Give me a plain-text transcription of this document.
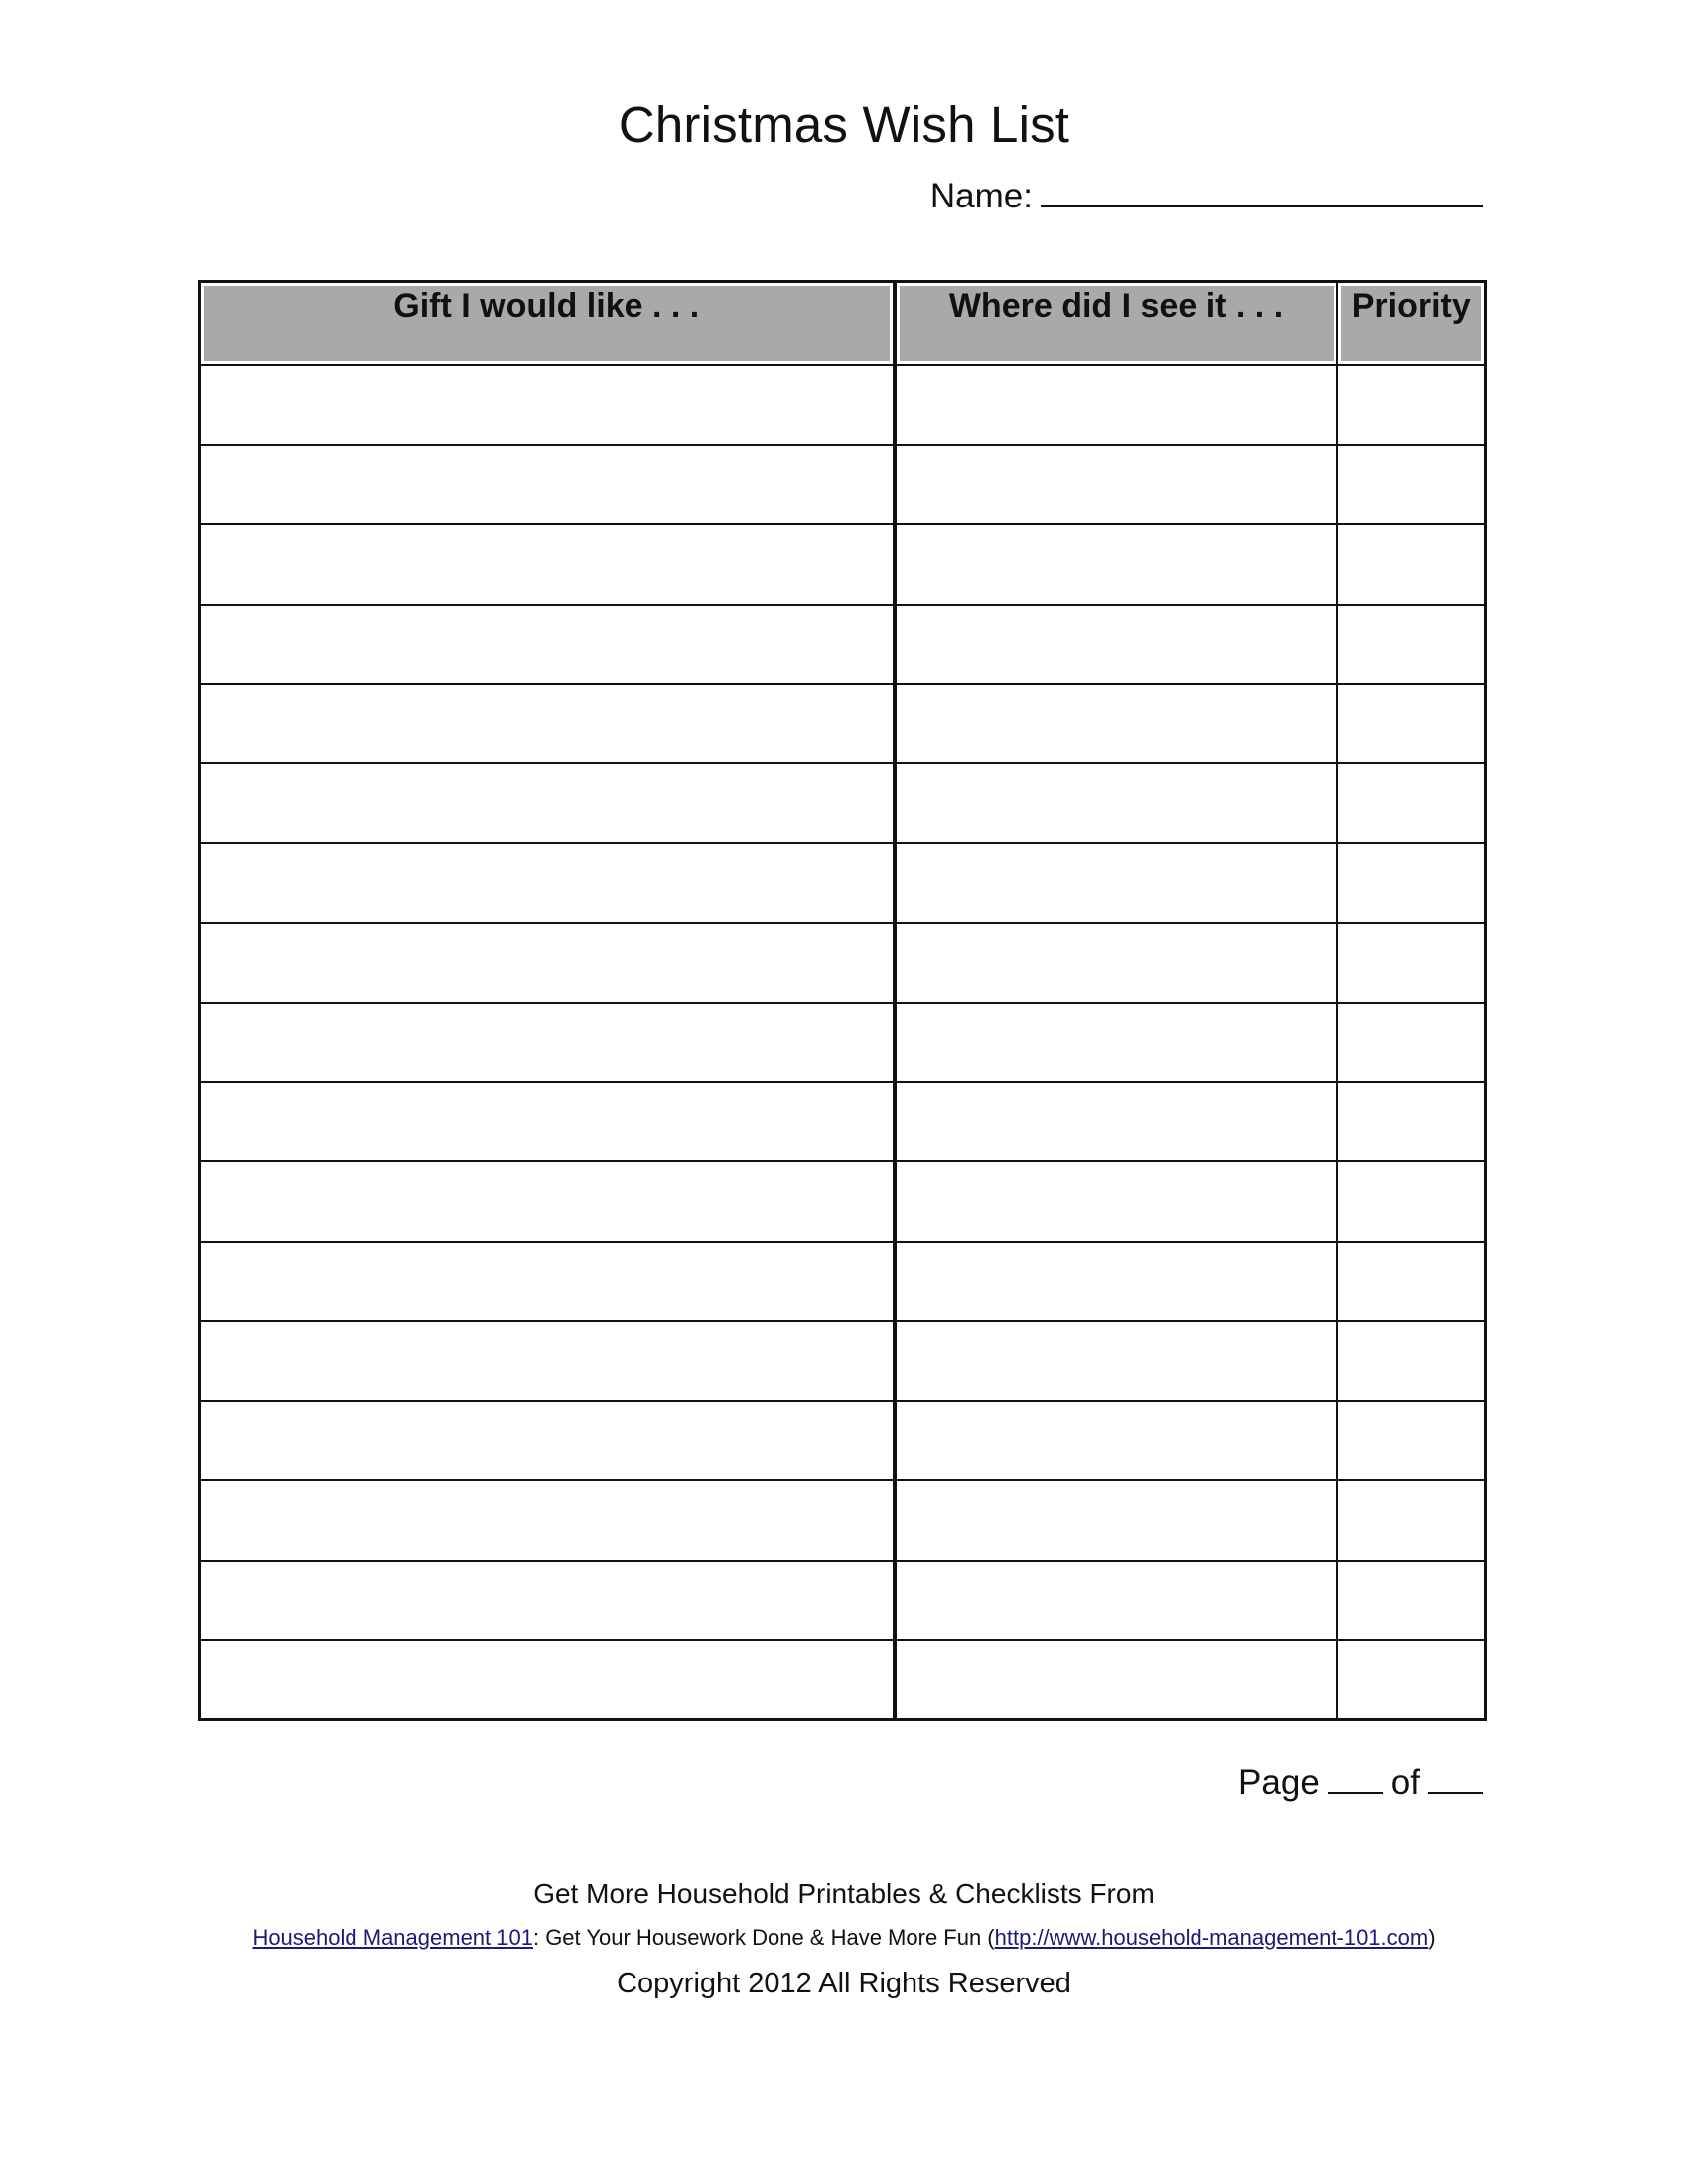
Christmas Wish List
Name:
Gift I would like . . .	Where did I see it . . .	Priority

Page of
Get More Household Printables & Checklists From
Household Management 101: Get Your Housework Done & Have More Fun (http://www.household-management-101.com)
Copyright 2012 All Rights Reserved
